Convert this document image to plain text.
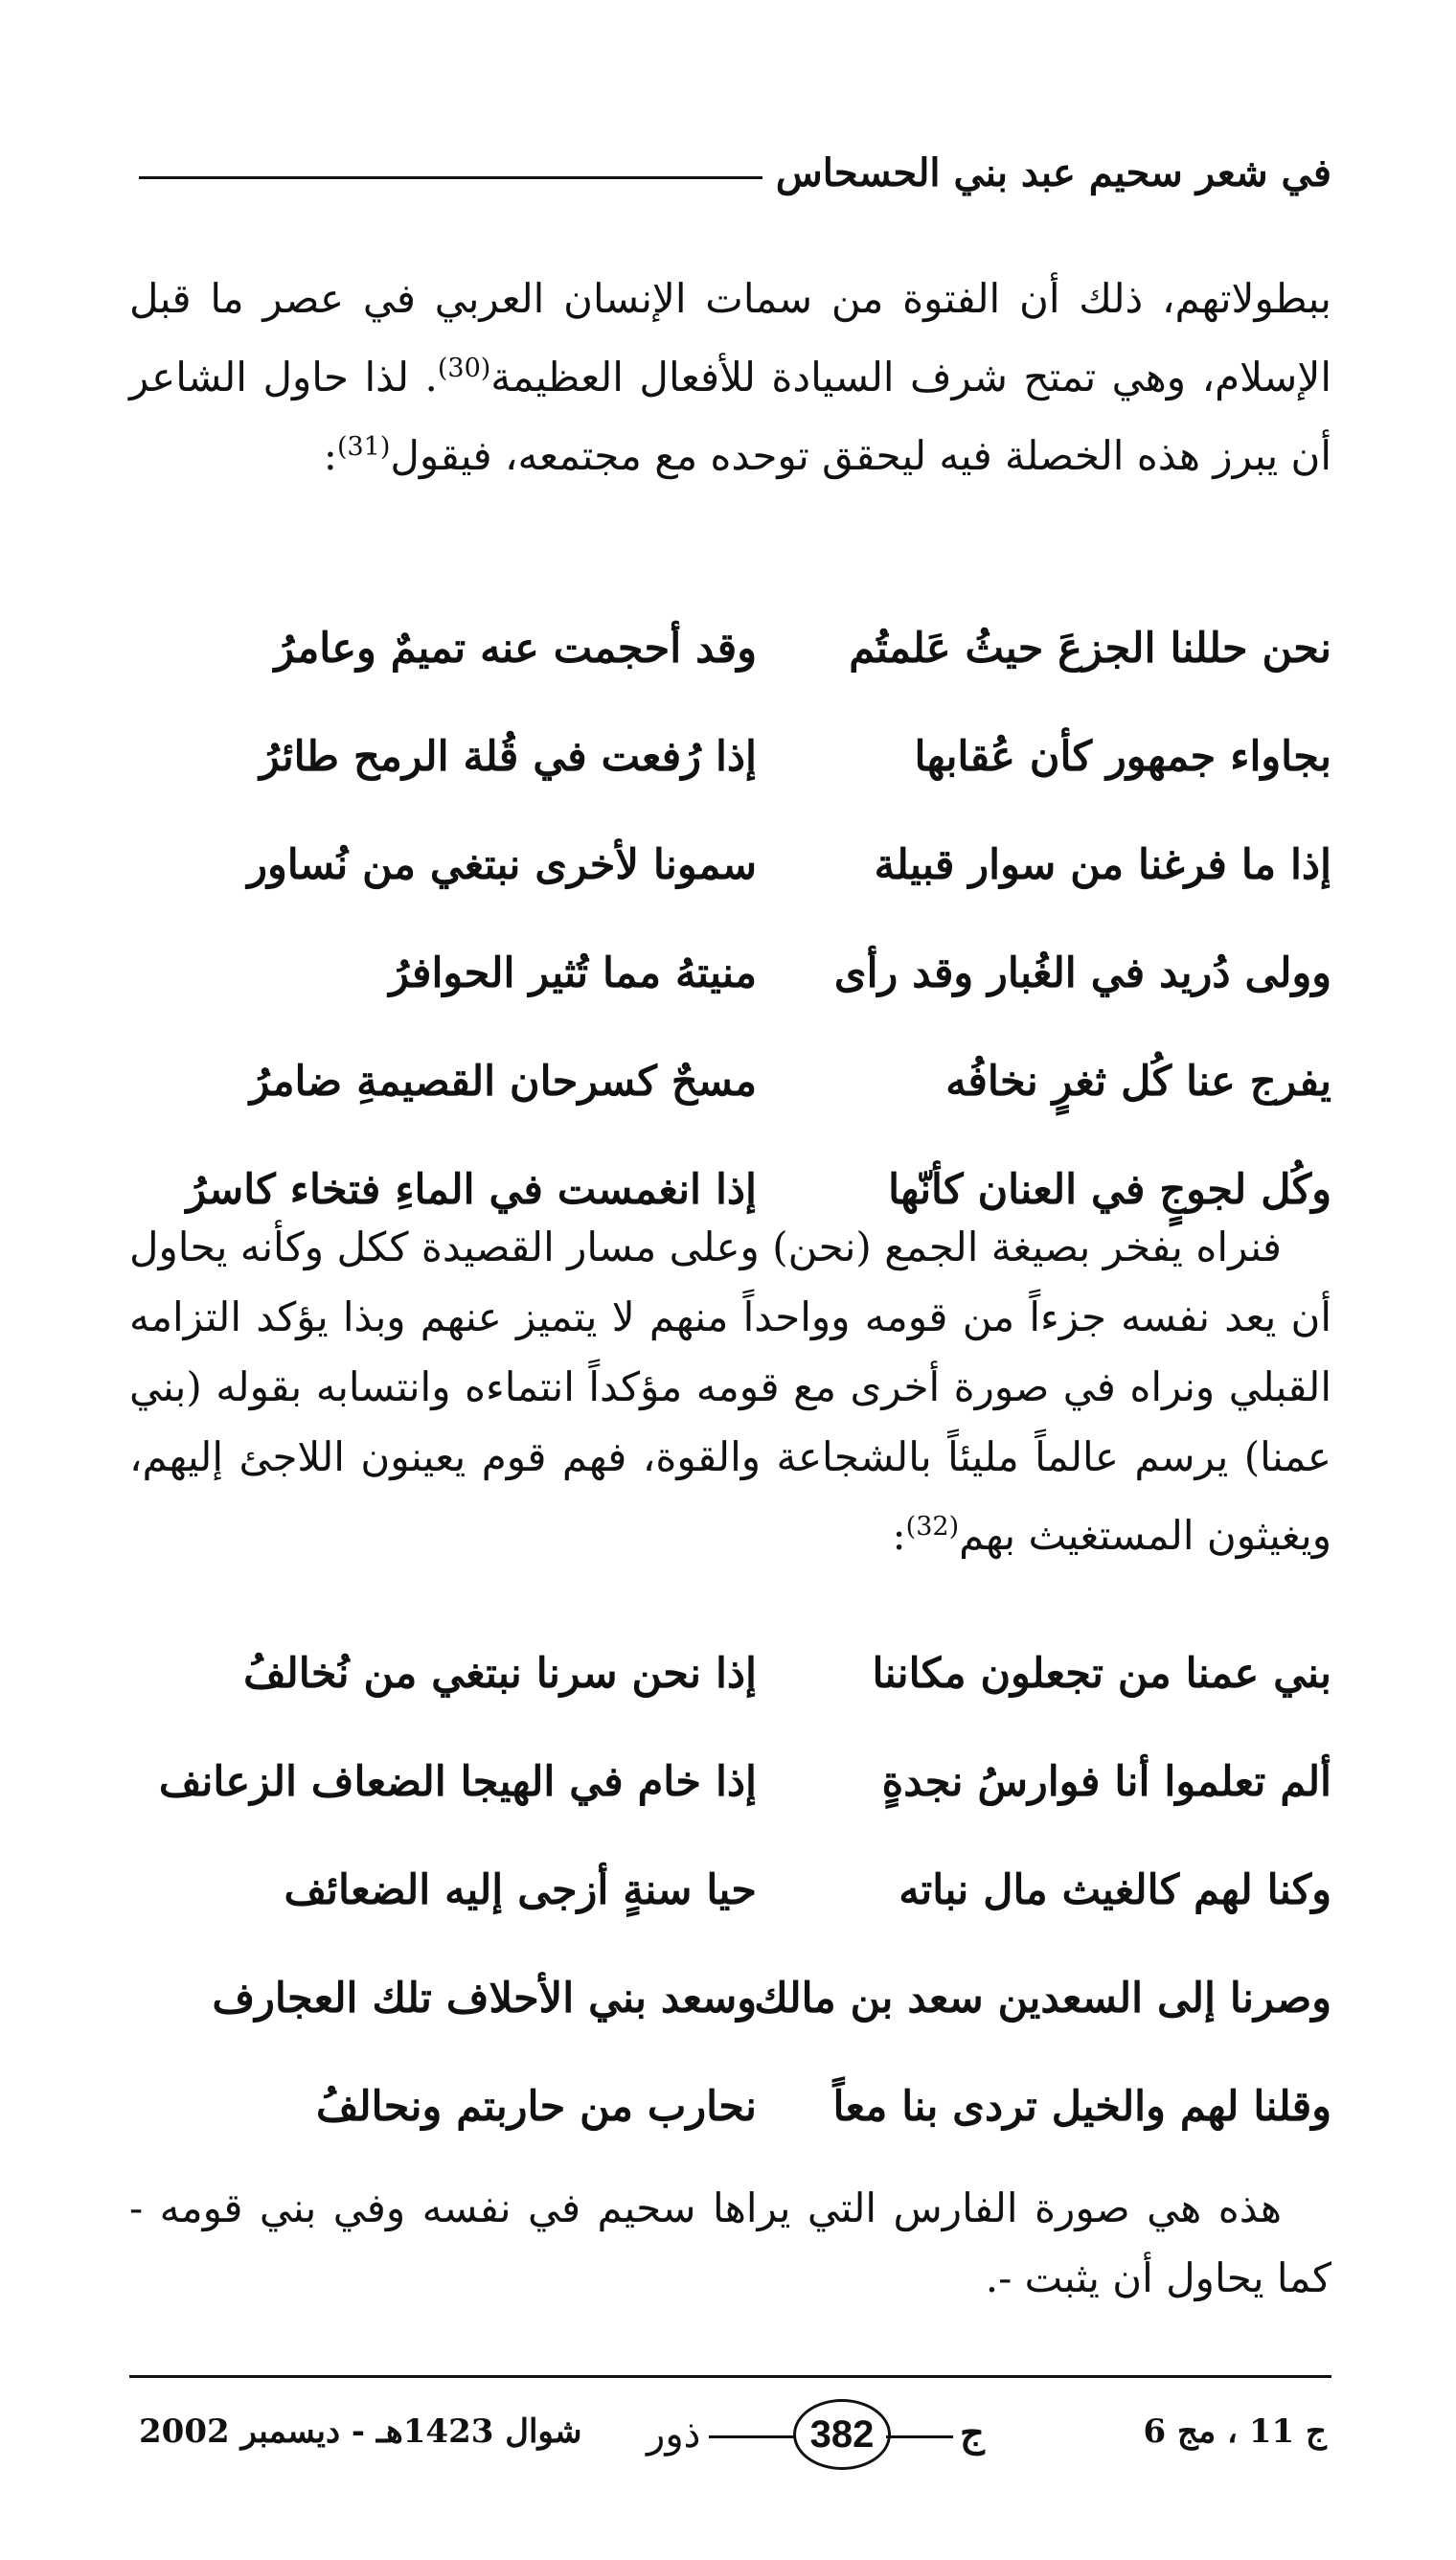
في شعر سحيم عبد بني الحسحاس
ببطولاتهم، ذلك أن الفتوة من سمات الإنسان العربي في عصر ما قبل الإسلام، وهي تمتح شرف السيادة للأفعال العظيمة$^{(30)}$. لذا حاول الشاعر أن يبرز هذه الخصلة فيه ليحقق توحده مع مجتمعه، فيقول$^{(31)}$:
نحن حللنا الجزعَ حيثُ عَلمتُم
وقد أحجمت عنه تميمٌ وعامرُ
بجاواء جمهور كأن عُقابها
إذا رُفعت في قُلة الرمح طائرُ
إذا ما فرغنا من سوار قبيلة
سمونا لأخرى نبتغي من نُساور
وولى دُريد في الغُبار وقد رأى
منيتهُ مما تُثير الحوافرُ
يفرج عنا كُل ثغرٍ نخافُه
مسحٌ كسرحان القصيمةِ ضامرُ
وكُل لجوجٍ في العنان كأنّها
إذا انغمست في الماءِ فتخاء كاسرُ
فنراه يفخر بصيغة الجمع (نحن) وعلى مسار القصيدة ككل وكأنه يحاول أن يعد نفسه جزءاً من قومه وواحداً منهم لا يتميز عنهم وبذا يؤكد التزامه القبلي ونراه في صورة أخرى مع قومه مؤكداً انتماءه وانتسابه بقوله (بني عمنا) يرسم عالماً مليئاً بالشجاعة والقوة، فهم قوم يعينون اللاجئ إليهم، ويغيثون المستغيث بهم$^{(32)}$:
بني عمنا من تجعلون مكاننا
إذا نحن سرنا نبتغي من نُخالفُ
ألم تعلموا أنا فوارسُ نجدةٍ
إذا خام في الهيجا الضعاف الزعانف
وكنا لهم كالغيث مال نباته
حيا سنةٍ أزجى إليه الضعائف
وصرنا إلى السعدين سعد بن مالك
وسعد بني الأحلاف تلك العجارف
وقلنا لهم والخيل تردى بنا معاً
نحارب من حاربتم ونحالفُ
هذه هي صورة الفارس التي يراها سحيم في نفسه وفي بني قومه - كما يحاول أن يثبت -.
ج 11 ، مج 6
ج
ذور	382
شوال 1423هـ - ديسمبر 2002
